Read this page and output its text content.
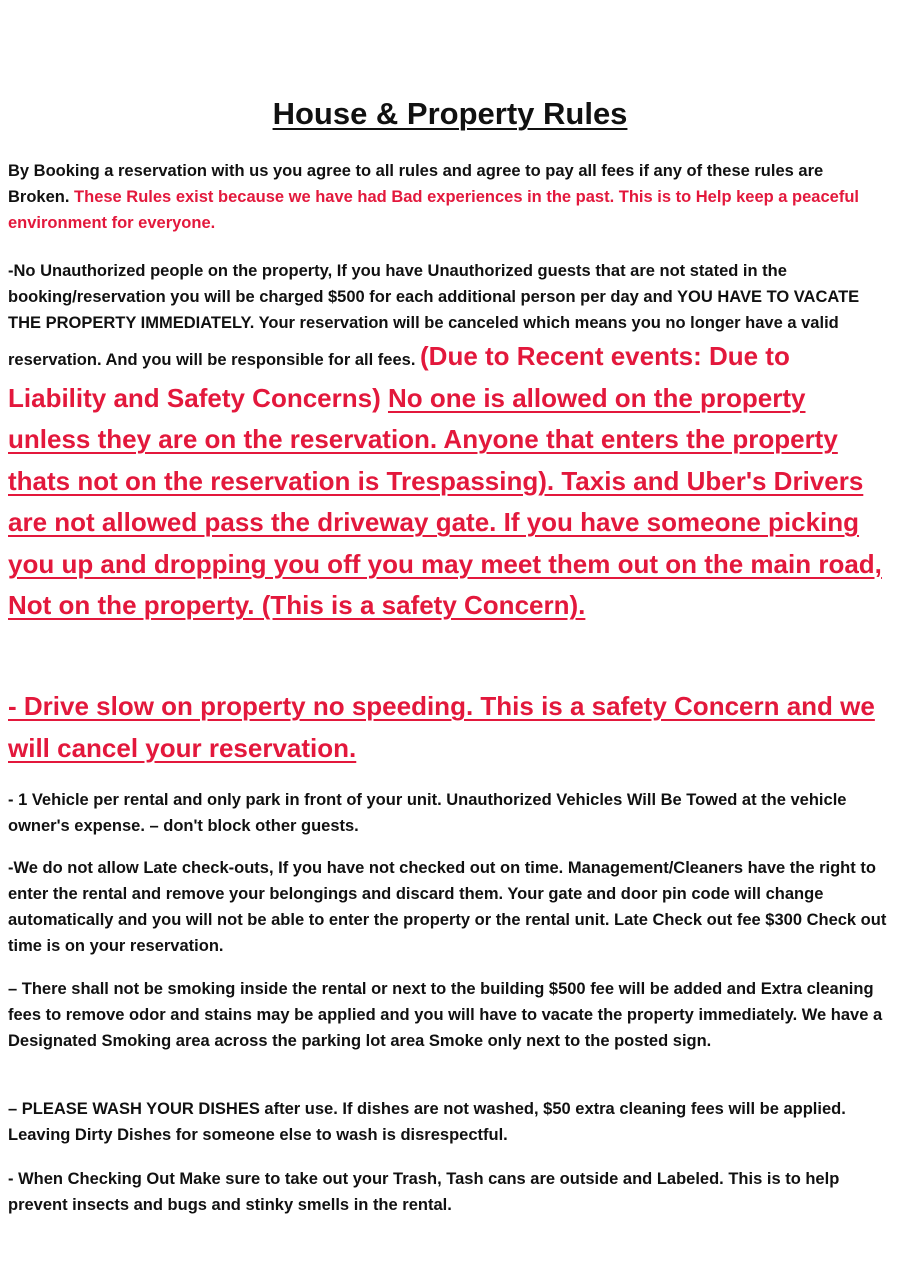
House & Property Rules

By Booking a reservation with us you agree to all rules and agree to pay all fees if any of these rules are Broken. These Rules exist because we have had Bad experiences in the past. This is to Help keep a peaceful environment for everyone.

-No Unauthorized people on the property, If you have Unauthorized guests that are not stated in the booking/reservation you will be charged $500 for each additional person per day and YOU HAVE TO VACATE THE PROPERTY IMMEDIATELY. Your reservation will be canceled which means you no longer have a valid reservation. And you will be responsible for all fees. (Due to Recent events: Due to Liability and Safety Concerns) No one is allowed on the property unless they are on the reservation. Anyone that enters the property thats not on the reservation is Trespassing). Taxis and Uber's Drivers are not allowed pass the driveway gate. If you have someone picking you up and dropping you off you may meet them out on the main road, Not on the property. (This is a safety Concern).

- Drive slow on property no speeding. This is a safety Concern and we will cancel your reservation.

- 1 Vehicle per rental and only park in front of your unit. Unauthorized Vehicles Will Be Towed at the vehicle owner's expense. – don't block other guests.

-We do not allow Late check-outs, If you have not checked out on time. Management/Cleaners have the right to enter the rental and remove your belongings and discard them. Your gate and door pin code will change automatically and you will not be able to enter the property or the rental unit. Late Check out fee $300 Check out time is on your reservation.

– There shall not be smoking inside the rental or next to the building $500 fee will be added and Extra cleaning fees to remove odor and stains may be applied and you will have to vacate the property immediately. We have a Designated Smoking area across the parking lot area Smoke only next to the posted sign.

– PLEASE WASH YOUR DISHES after use. If dishes are not washed, $50 extra cleaning fees will be applied. Leaving Dirty Dishes for someone else to wash is disrespectful.

- When Checking Out Make sure to take out your Trash, Tash cans are outside and Labeled. This is to help prevent insects and bugs and stinky smells in the rental.
